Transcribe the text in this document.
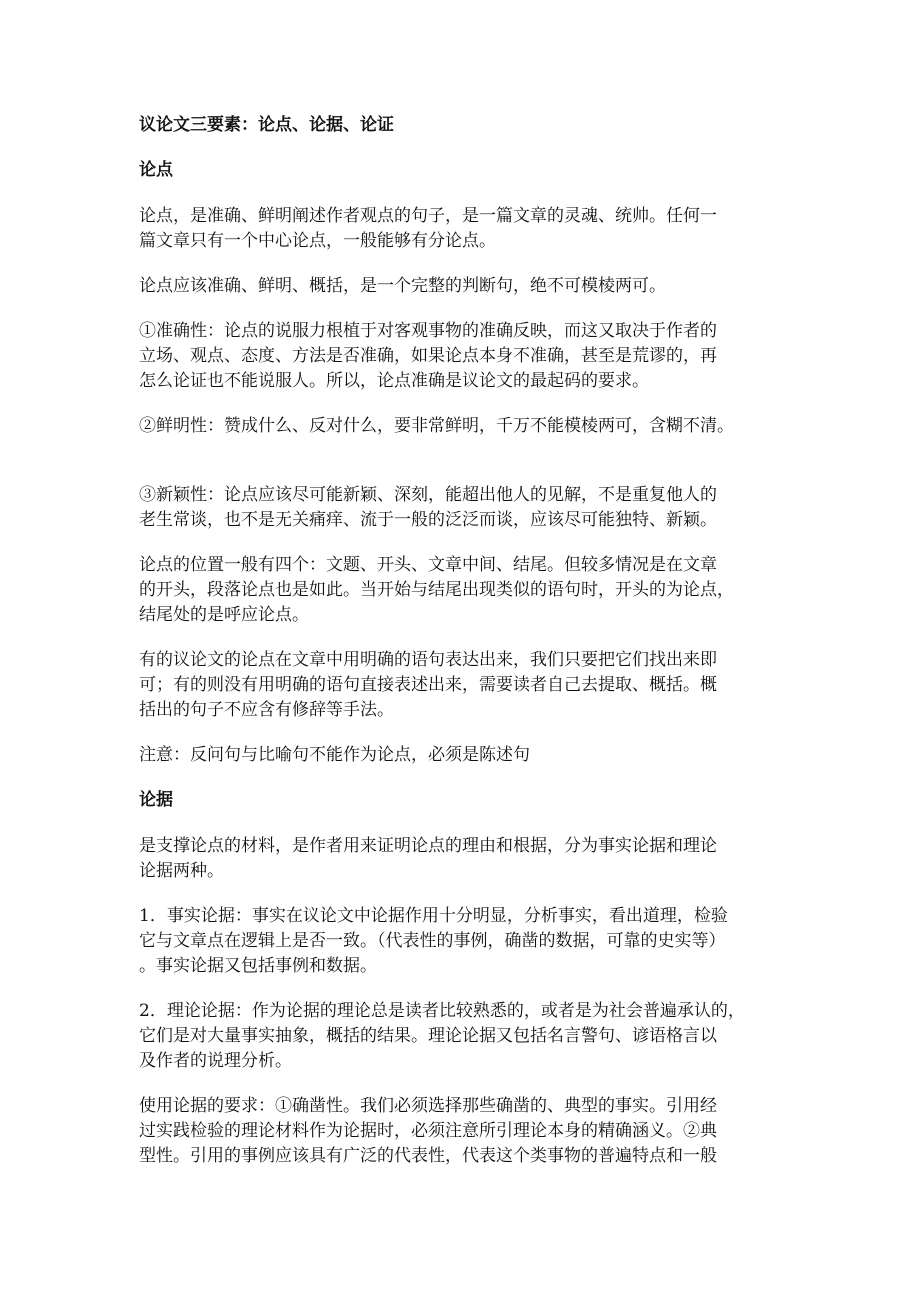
议论文三要素：论点、论据、论证
论点
论点，是准确、鲜明阐述作者观点的句子，是一篇文章的灵魂、统帅。任何一
篇文章只有一个中心论点，一般能够有分论点。
论点应该准确、鲜明、概括，是一个完整的判断句，绝不可模棱两可。
①准确性：论点的说服力根植于对客观事物的准确反映，而这又取决于作者的
立场、观点、态度、方法是否准确，如果论点本身不准确，甚至是荒谬的，再
怎么论证也不能说服人。所以，论点准确是议论文的最起码的要求。
②鲜明性：赞成什么、反对什么，要非常鲜明，千万不能模棱两可，含糊不清。
③新颖性：论点应该尽可能新颖、深刻，能超出他人的见解，不是重复他人的
老生常谈，也不是无关痛痒、流于一般的泛泛而谈，应该尽可能独特、新颖。
论点的位置一般有四个：文题、开头、文章中间、结尾。但较多情况是在文章
的开头，段落论点也是如此。当开始与结尾出现类似的语句时，开头的为论点，
结尾处的是呼应论点。
有的议论文的论点在文章中用明确的语句表达出来，我们只要把它们找出来即
可；有的则没有用明确的语句直接表述出来，需要读者自己去提取、概括。概
括出的句子不应含有修辞等手法。
注意：反问句与比喻句不能作为论点，必须是陈述句
论据
是支撑论点的材料，是作者用来证明论点的理由和根据，分为事实论据和理论
论据两种。
1．事实论据：事实在议论文中论据作用十分明显，分析事实，看出道理，检验
它与文章点在逻辑上是否一致。（代表性的事例，确凿的数据，可靠的史实等）
。事实论据又包括事例和数据。
2．理论论据：作为论据的理论总是读者比较熟悉的，或者是为社会普遍承认的，
它们是对大量事实抽象，概括的结果。理论论据又包括名言警句、谚语格言以
及作者的说理分析。
使用论据的要求：①确凿性。我们必须选择那些确凿的、典型的事实。引用经
过实践检验的理论材料作为论据时，必须注意所引理论本身的精确涵义。②典
型性。引用的事例应该具有广泛的代表性，代表这个类事物的普遍特点和一般
